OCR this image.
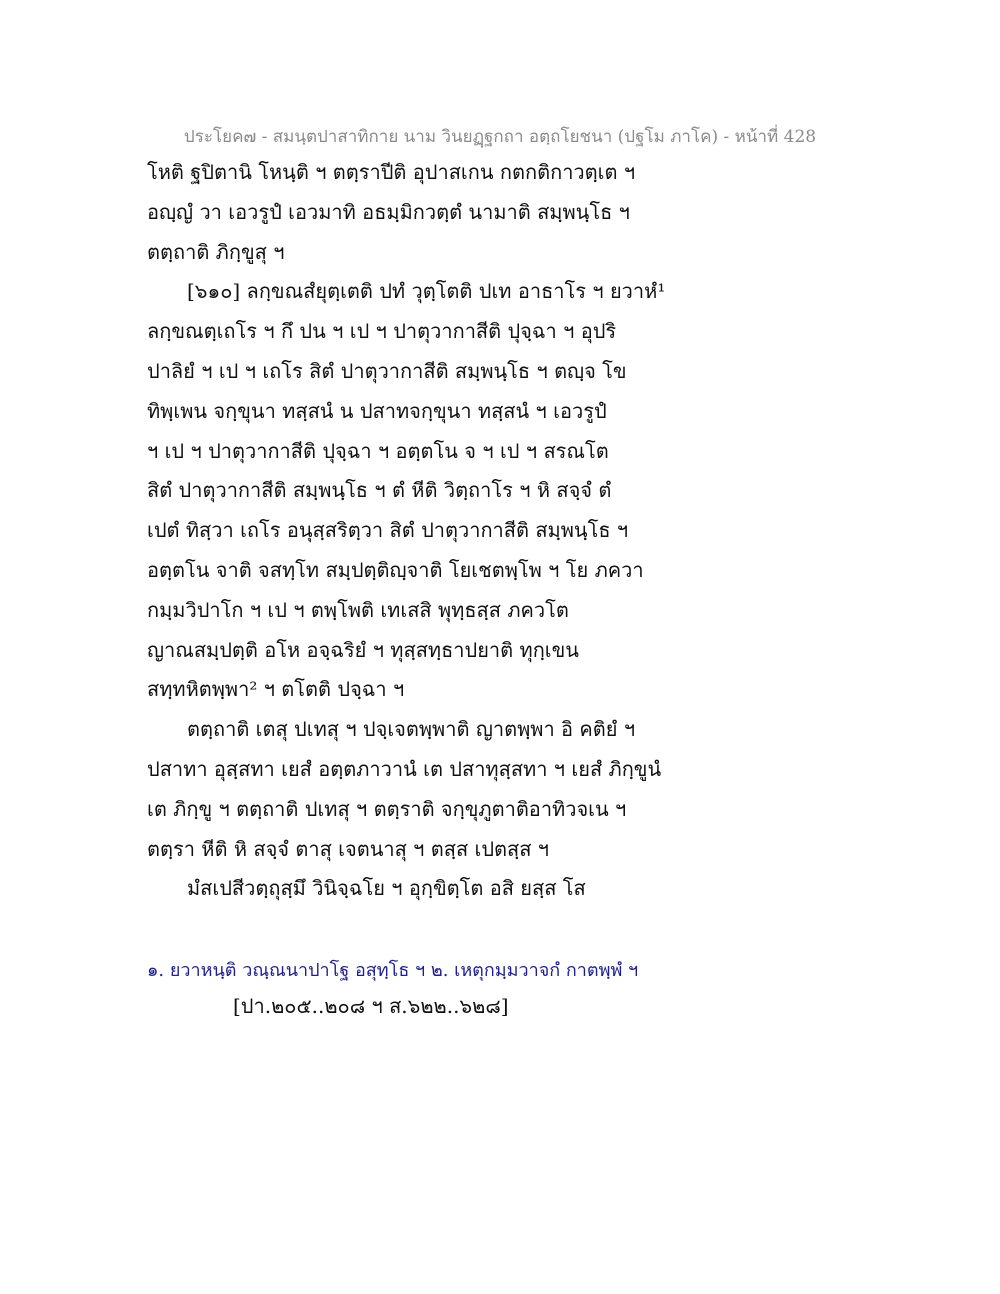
ประโยค๗ - สมนฺตปาสาทิกาย นาม วินยฏฺฐกถา อตฺถโยชนา (ปฐโม ภาโค) - หน้าที่ 428
โหติ ฐปิตานิ โหนฺติ ฯ ตตฺราปีติ อุปาสเกน กตกติกาวตฺเต ฯ
อญฺญํ วา เอวรูปํ เอวมาทิ อธมฺมิกวตฺตํ นามาติ สมฺพนฺโธ ฯ
ตตฺถาติ ภิกฺขูสุ ฯ
[๖๑๐] ลกฺขณสํยุตฺเตติ ปทํ วุตฺโตติ ปเท อาธาโร ฯ ยวาหํ¹
ลกฺขณตฺเถโร ฯ กึ ปน ฯ เป ฯ ปาตุวากาสีติ ปุจฺฉา ฯ อุปริ
ปาลิยํ ฯ เป ฯ เถโร สิตํ ปาตุวากาสีติ สมฺพนฺโธ ฯ ตญฺจ โข
ทิพฺเพน จกฺขุนา ทสฺสนํ น ปสาทจกฺขุนา ทสฺสนํ ฯ เอวรูปํ
ฯ เป ฯ ปาตุวากาสีติ ปุจฺฉา ฯ อตฺตโน จ ฯ เป ฯ สรณโต
สิตํ ปาตุวากาสีติ สมฺพนฺโธ ฯ ตํ หีติ วิตฺถาโร ฯ หิ สจฺจํ ตํ
เปตํ ทิสฺวา เถโร อนุสฺสริตฺวา สิตํ ปาตุวากาสีติ สมฺพนฺโธ ฯ
อตฺตโน จาติ จสทฺโท สมฺปตฺติญฺจาติ โยเชตพฺโพ ฯ โย ภควา
กมฺมวิปาโก ฯ เป ฯ ตพฺโพติ เทเสสิ พุทฺธสฺส ภควโต
ญาณสมฺปตฺติ อโห อจฺฉริยํ ฯ ทุสฺสทฺธาปยาติ ทุกฺเขน
สทฺทหิตพฺพา² ฯ ตโตติ ปจฺฉา ฯ
ตตฺถาติ เตสุ ปเทสุ ฯ ปจฺเจตพฺพาติ ญาตพฺพา อิ คติยํ ฯ
ปสาทา อุสฺสทา เยสํ อตฺตภาวานํ เต ปสาทุสฺสทา ฯ เยสํ ภิกฺขูนํ
เต ภิกฺขู ฯ ตตฺถาติ ปเทสุ ฯ ตตฺราติ จกฺขุภูตาติอาทิวจเน ฯ
ตตฺรา หีติ หิ สจฺจํ ตาสุ เจตนาสุ ฯ ตสฺส เปตสฺส ฯ
มํสเปสีวตฺถุสฺมึ วินิจฺฉโย ฯ อุกฺขิตฺโต อสิ ยสฺส โส
๑. ยวาหนฺติ วณฺณนาปาโฐ อสุทฺโธ ฯ ๒. เหตุกมฺมวาจกํ กาตพฺพํ ฯ
[ปา.๒๐๕..๒๐๘ ฯ ส.๖๒๒..๖๒๘]
